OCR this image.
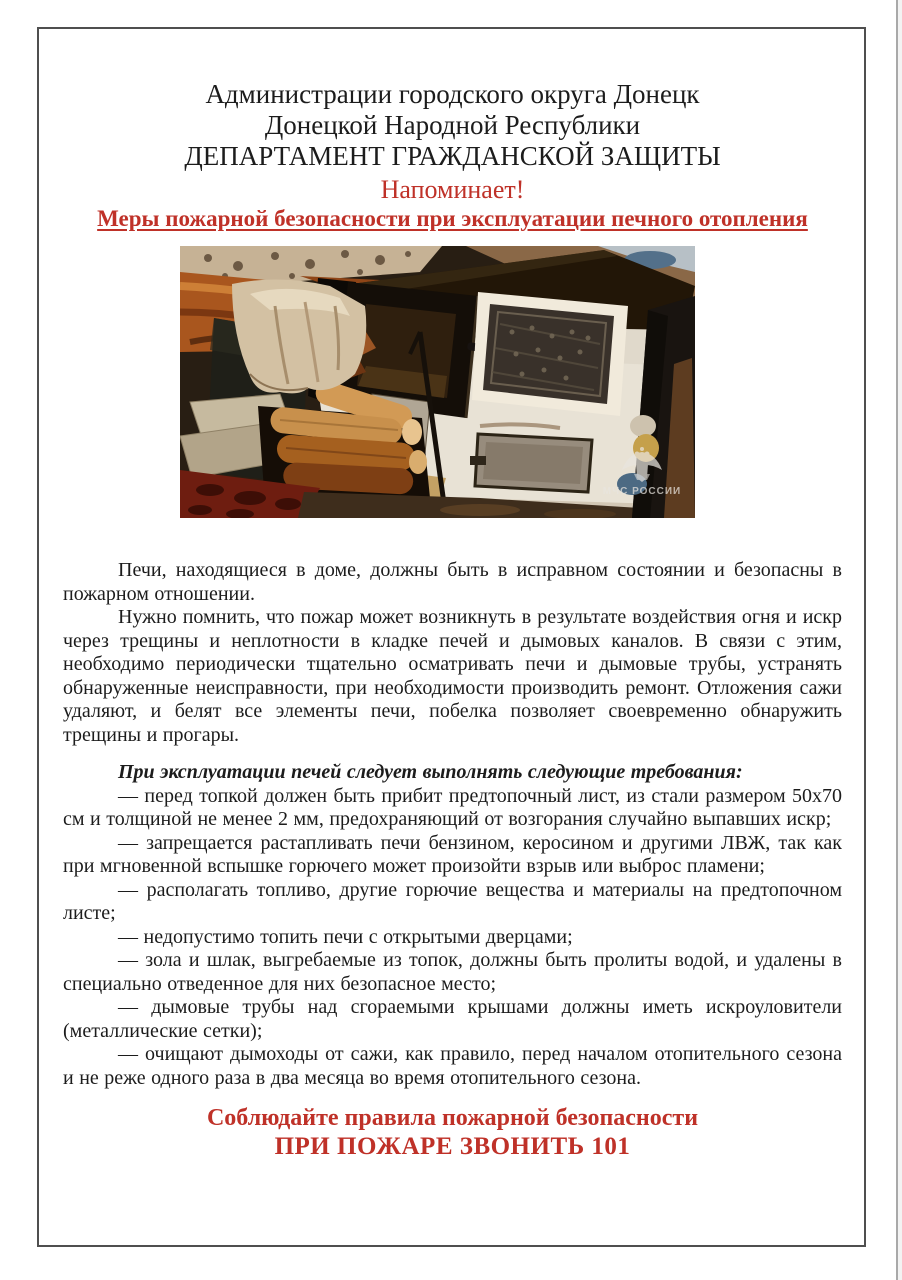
Администрации городского округа Донецк
Донецкой Народной Республики
ДЕПАРТАМЕНТ ГРАЖДАНСКОЙ ЗАЩИТЫ
Напоминает!
Меры пожарной безопасности при эксплуатации печного отопления
МЧС РОССИИ

Печи, находящиеся в доме, должны быть в исправном состоянии и безопасны в пожарном отношении.

Нужно помнить, что пожар может возникнуть в результате воздействия огня и искр через трещины и неплотности в кладке печей и дымовых каналов. В связи с этим, необходимо периодически тщательно осматривать печи и дымовые трубы, устранять обнаруженные неисправности, при необходимости производить ремонт. Отложения сажи удаляют, и белят все элементы печи, побелка позволяет своевременно обнаружить трещины и прогары.

При эксплуатации печей следует выполнять следующие требования:

— перед топкой должен быть прибит предтопочный лист, из стали размером 50х70 см и толщиной не менее 2 мм, предохраняющий от возгорания случайно выпавших искр;

— запрещается растапливать печи бензином, керосином и другими ЛВЖ, так как при мгновенной вспышке горючего может произойти взрыв или выброс пламени;

— располагать топливо, другие горючие вещества и материалы на предтопочном листе;

— недопустимо топить печи с открытыми дверцами;

— зола и шлак, выгребаемые из топок, должны быть пролиты водой, и удалены в специально отведенное для них безопасное место;

— дымовые трубы над сгораемыми крышами должны иметь искроуловители (металлические сетки);

— очищают дымоходы от сажи, как правило, перед началом отопительного сезона и не реже одного раза в два месяца во время отопительного сезона.

Соблюдайте правила пожарной безопасности
ПРИ ПОЖАРЕ ЗВОНИТЬ 101
